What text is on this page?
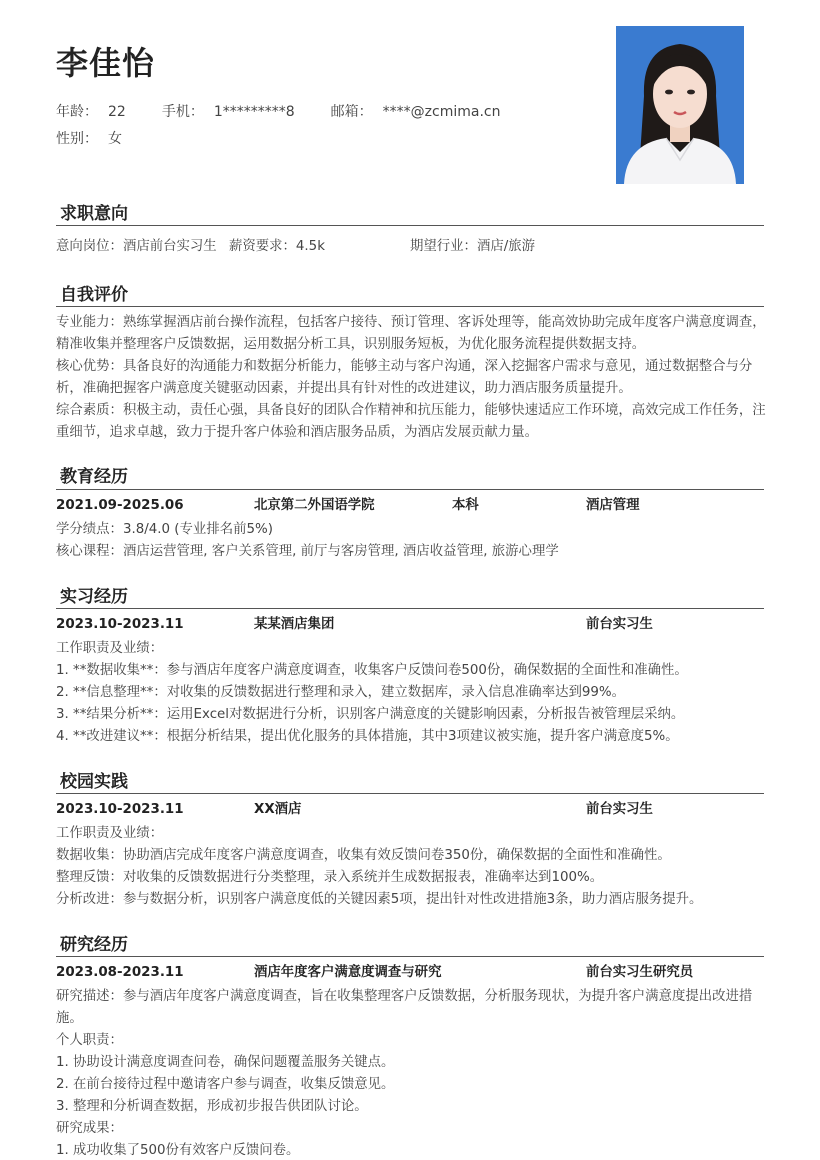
李佳怡
年龄： 22	手机： 1*********8	邮箱： ****@zcmima.cn
性别： 女
求职意向
意向岗位：酒店前台实习生 薪资要求：4.5k	期望行业：酒店/旅游
自我评价
专业能力：熟练掌握酒店前台操作流程，包括客户接待、预订管理、客诉处理等，能高效协助完成年度客户满意度调查，精准收集并整理客户反馈数据，运用数据分析工具，识别服务短板，为优化服务流程提供数据支持。
核心优势：具备良好的沟通能力和数据分析能力，能够主动与客户沟通，深入挖掘客户需求与意见，通过数据整合与分析，准确把握客户满意度关键驱动因素，并提出具有针对性的改进建议，助力酒店服务质量提升。
综合素质：积极主动，责任心强，具备良好的团队合作精神和抗压能力，能够快速适应工作环境，高效完成工作任务，注重细节，追求卓越，致力于提升客户体验和酒店服务品质，为酒店发展贡献力量。
教育经历
2021.09-2025.06	北京第二外国语学院	本科	酒店管理
学分绩点：3.8/4.0 (专业排名前5%)
核心课程：酒店运营管理, 客户关系管理, 前厅与客房管理, 酒店收益管理, 旅游心理学
实习经历
2023.10-2023.11	某某酒店集团	前台实习生
工作职责及业绩：
1. **数据收集**：参与酒店年度客户满意度调查，收集客户反馈问卷500份，确保数据的全面性和准确性。
2. **信息整理**：对收集的反馈数据进行整理和录入，建立数据库，录入信息准确率达到99%。
3. **结果分析**：运用Excel对数据进行分析，识别客户满意度的关键影响因素，分析报告被管理层采纳。
4. **改进建议**：根据分析结果，提出优化服务的具体措施，其中3项建议被实施，提升客户满意度5%。
校园实践
2023.10-2023.11	XX酒店	前台实习生
工作职责及业绩：
数据收集：协助酒店完成年度客户满意度调查，收集有效反馈问卷350份，确保数据的全面性和准确性。
整理反馈：对收集的反馈数据进行分类整理，录入系统并生成数据报表，准确率达到100%。
分析改进：参与数据分析，识别客户满意度低的关键因素5项，提出针对性改进措施3条，助力酒店服务提升。
研究经历
2023.08-2023.11	酒店年度客户满意度调查与研究	前台实习生研究员
研究描述：参与酒店年度客户满意度调查，旨在收集整理客户反馈数据，分析服务现状，为提升客户满意度提出改进措施。
个人职责：
1. 协助设计满意度调查问卷，确保问题覆盖服务关键点。
2. 在前台接待过程中邀请客户参与调查，收集反馈意见。
3. 整理和分析调查数据，形成初步报告供团队讨论。
研究成果：
1. 成功收集了500份有效客户反馈问卷。
